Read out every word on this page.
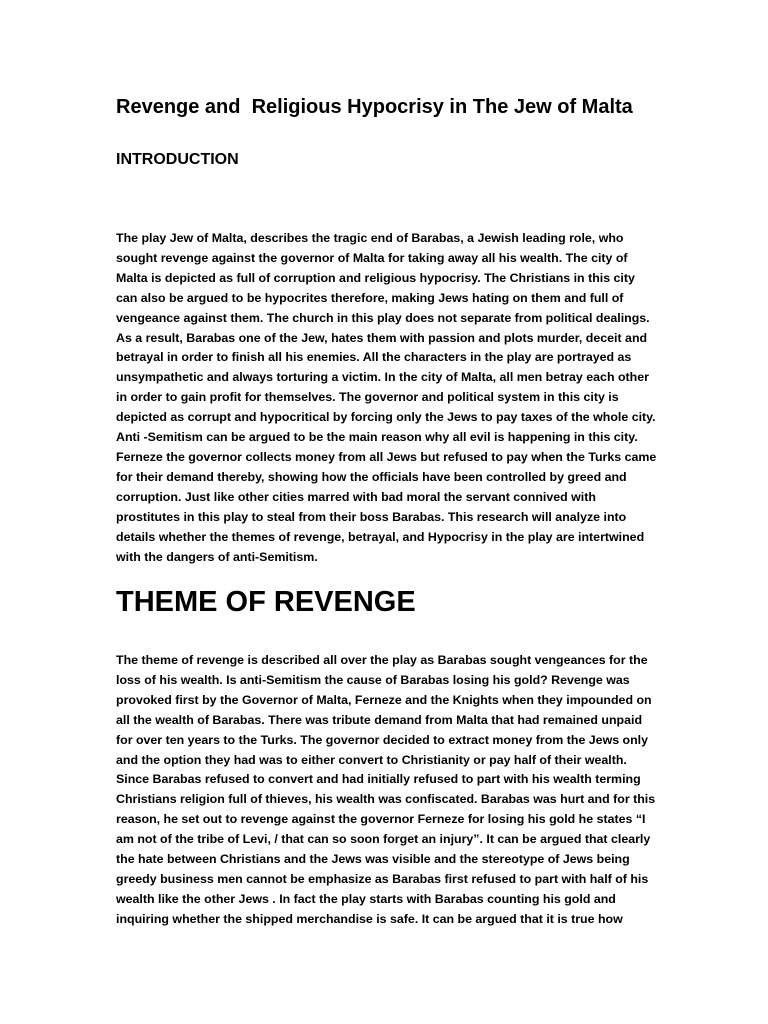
Revenge and  Religious Hypocrisy in The Jew of Malta
INTRODUCTION

The play Jew of Malta, describes the tragic end of Barabas, a Jewish leading role, who
sought revenge against the governor of Malta for taking away all his wealth. The city of
Malta is depicted as full of corruption and religious hypocrisy. The Christians in this city
can also be argued to be hypocrites therefore, making Jews hating on them and full of
vengeance against them. The church in this play does not separate from political dealings.
As a result, Barabas one of the Jew, hates them with passion and plots murder, deceit and
betrayal in order to finish all his enemies. All the characters in the play are portrayed as
unsympathetic and always torturing a victim. In the city of Malta, all men betray each other
in order to gain profit for themselves. The governor and political system in this city is
depicted as corrupt and hypocritical by forcing only the Jews to pay taxes of the whole city.
Anti -Semitism can be argued to be the main reason why all evil is happening in this city.
Ferneze the governor collects money from all Jews but refused to pay when the Turks came
for their demand thereby, showing how the officials have been controlled by greed and
corruption. Just like other cities marred with bad moral the servant connived with
prostitutes in this play to steal from their boss Barabas. This research will analyze into
details whether the themes of revenge, betrayal, and Hypocrisy in the play are intertwined
with the dangers of anti-Semitism.

THEME OF REVENGE

The theme of revenge is described all over the play as Barabas sought vengeances for the
loss of his wealth. Is anti-Semitism the cause of Barabas losing his gold? Revenge was
provoked first by the Governor of Malta, Ferneze and the Knights when they impounded on
all the wealth of Barabas. There was tribute demand from Malta that had remained unpaid
for over ten years to the Turks. The governor decided to extract money from the Jews only
and the option they had was to either convert to Christianity or pay half of their wealth.
Since Barabas refused to convert and had initially refused to part with his wealth terming
Christians religion full of thieves, his wealth was confiscated. Barabas was hurt and for this
reason, he set out to revenge against the governor Ferneze for losing his gold he states “I
am not of the tribe of Levi, / that can so soon forget an injury”. It can be argued that clearly
the hate between Christians and the Jews was visible and the stereotype of Jews being
greedy business men cannot be emphasize as Barabas first refused to part with half of his
wealth like the other Jews . In fact the play starts with Barabas counting his gold and
inquiring whether the shipped merchandise is safe. It can be argued that it is true how
